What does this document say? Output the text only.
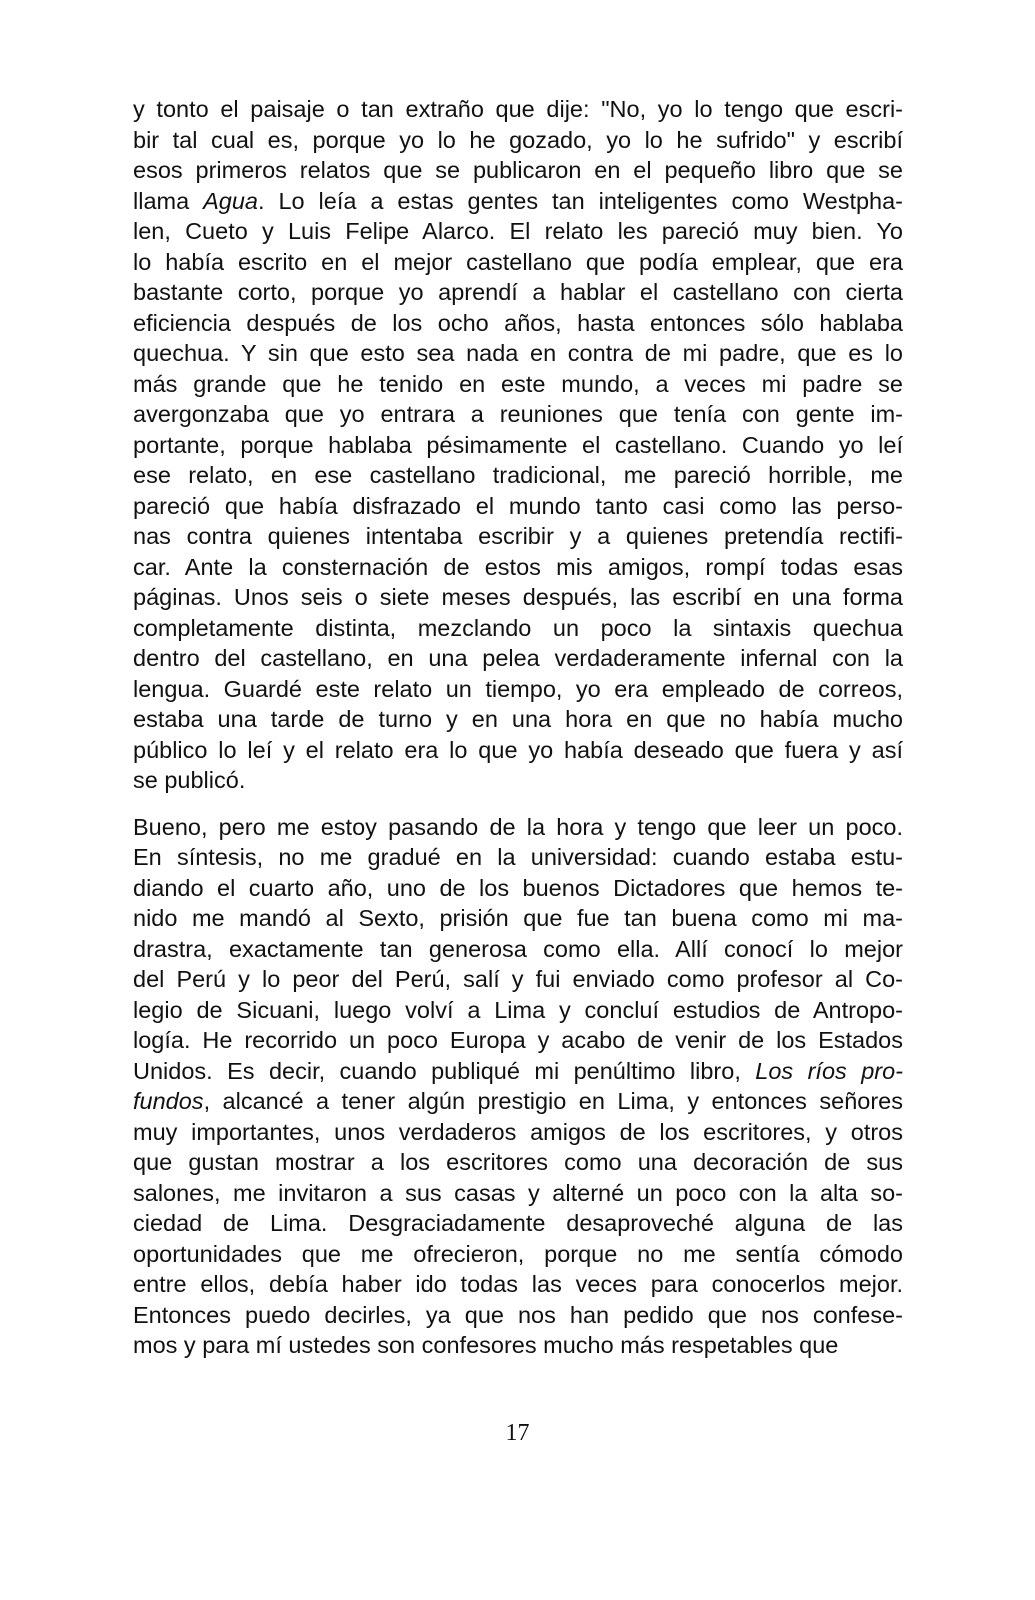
y tonto el paisaje o tan extraño que dije: "No, yo lo tengo que escri-
bir tal cual es, porque yo lo he gozado, yo lo he sufrido" y escribí
esos primeros relatos que se publicaron en el pequeño libro que se
llama Agua. Lo leía a estas gentes tan inteligentes como Westpha-
len, Cueto y Luis Felipe Alarco. El relato les pareció muy bien. Yo
lo había escrito en el mejor castellano que podía emplear, que era
bastante corto, porque yo aprendí a hablar el castellano con cierta
eficiencia después de los ocho años, hasta entonces sólo hablaba
quechua. Y sin que esto sea nada en contra de mi padre, que es lo
más grande que he tenido en este mundo, a veces mi padre se
avergonzaba que yo entrara a reuniones que tenía con gente im-
portante, porque hablaba pésimamente el castellano. Cuando yo leí
ese relato, en ese castellano tradicional, me pareció horrible, me
pareció que había disfrazado el mundo tanto casi como las perso-
nas contra quienes intentaba escribir y a quienes pretendía rectifi-
car. Ante la consternación de estos mis amigos, rompí todas esas
páginas. Unos seis o siete meses después, las escribí en una forma
completamente distinta, mezclando un poco la sintaxis quechua
dentro del castellano, en una pelea verdaderamente infernal con la
lengua. Guardé este relato un tiempo, yo era empleado de correos,
estaba una tarde de turno y en una hora en que no había mucho
público lo leí y el relato era lo que yo había deseado que fuera y así
se publicó.
Bueno, pero me estoy pasando de la hora y tengo que leer un poco.
En síntesis, no me gradué en la universidad: cuando estaba estu-
diando el cuarto año, uno de los buenos Dictadores que hemos te-
nido me mandó al Sexto, prisión que fue tan buena como mi ma-
drastra, exactamente tan generosa como ella. Allí conocí lo mejor
del Perú y lo peor del Perú, salí y fui enviado como profesor al Co-
legio de Sicuani, luego volví a Lima y concluí estudios de Antropo-
logía. He recorrido un poco Europa y acabo de venir de los Estados
Unidos. Es decir, cuando publiqué mi penúltimo libro, Los ríos pro-
fundos, alcancé a tener algún prestigio en Lima, y entonces señores
muy importantes, unos verdaderos amigos de los escritores, y otros
que gustan mostrar a los escritores como una decoración de sus
salones, me invitaron a sus casas y alterné un poco con la alta so-
ciedad de Lima. Desgraciadamente desaproveché alguna de las
oportunidades que me ofrecieron, porque no me sentía cómodo
entre ellos, debía haber ido todas las veces para conocerlos mejor.
Entonces puedo decirles, ya que nos han pedido que nos confese-
mos y para mí ustedes son confesores mucho más respetables que
17
